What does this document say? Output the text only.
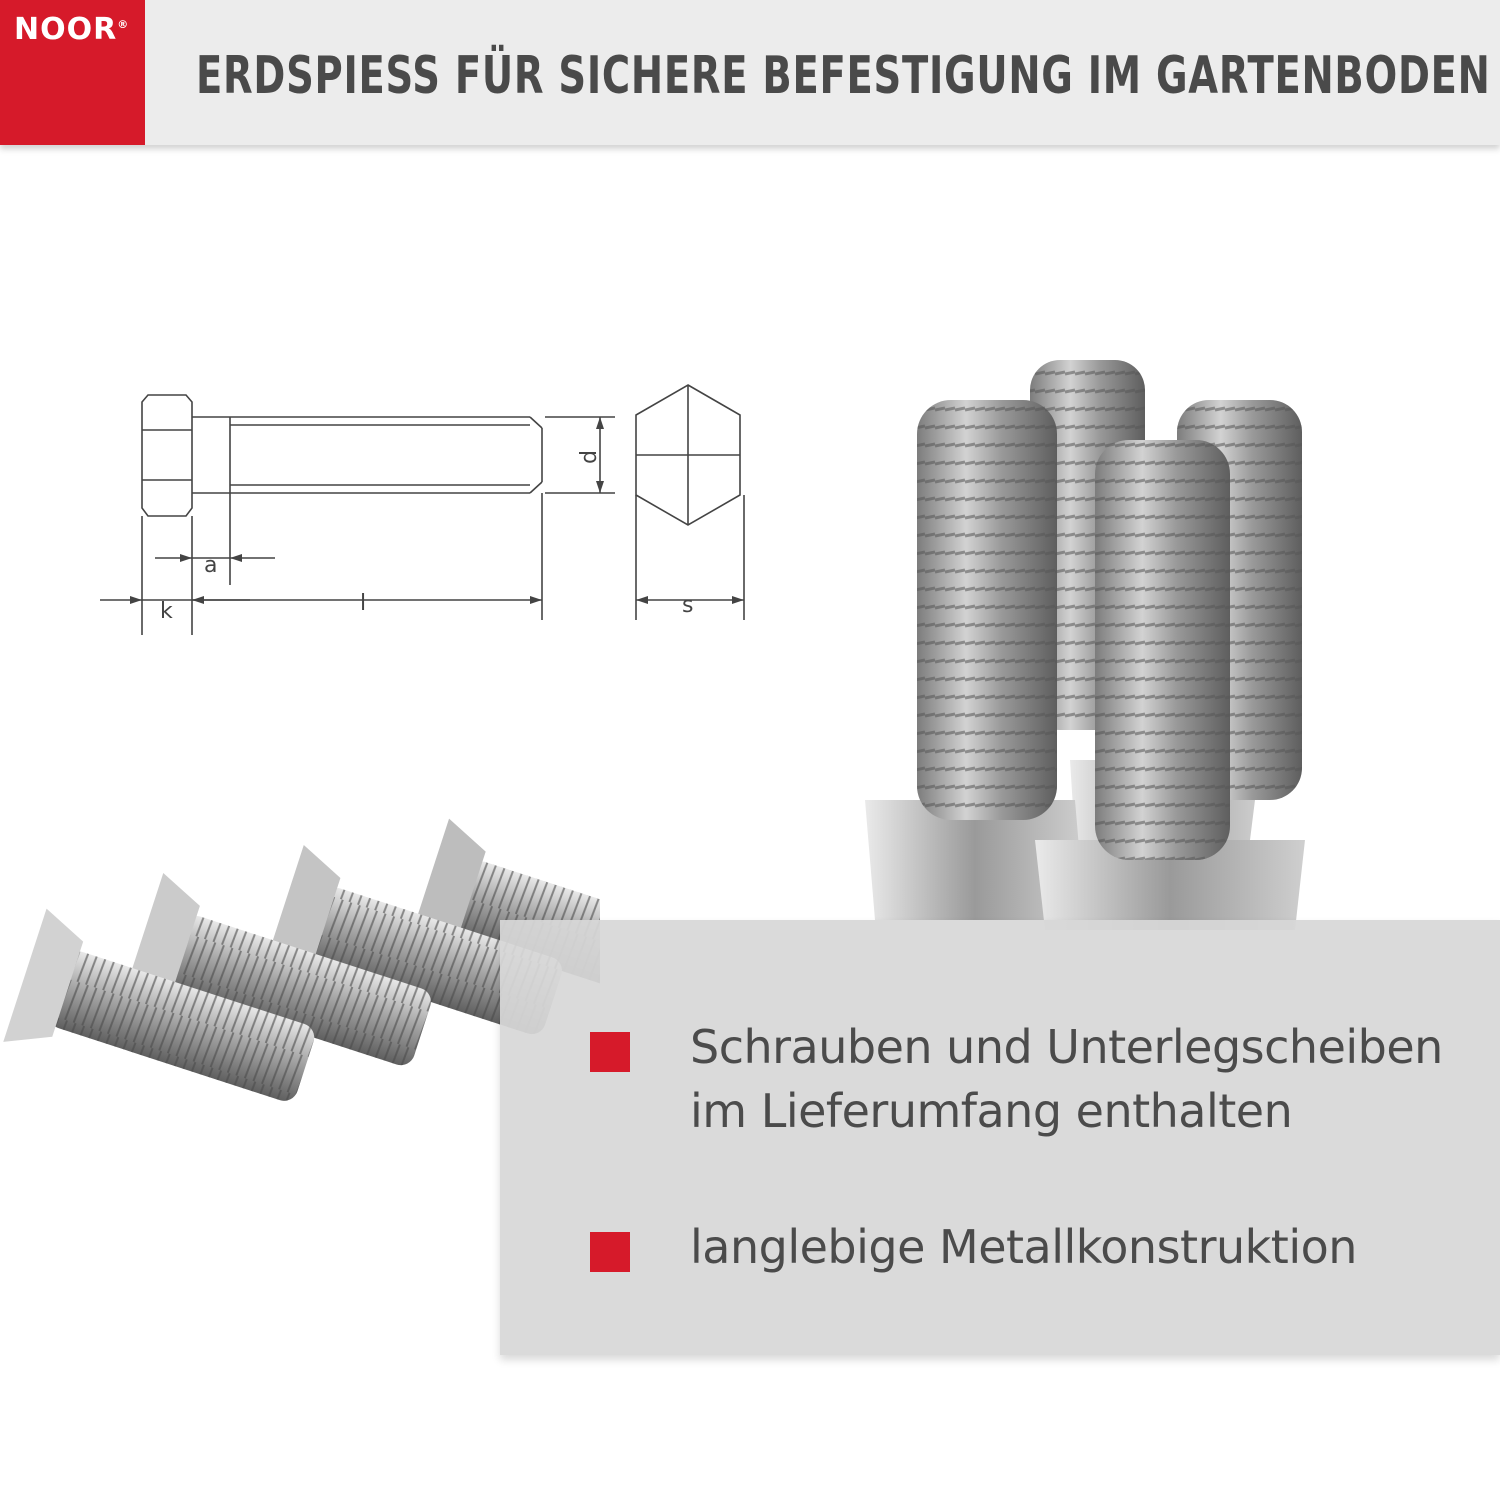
NOOR®
ERDSPIESS FÜR SICHERE BEFESTIGUNG IM GARTENBODEN
k
a
l
d
s
Schrauben und Unterlegscheiben
im Lieferumfang enthalten
langlebige Metallkonstruktion
